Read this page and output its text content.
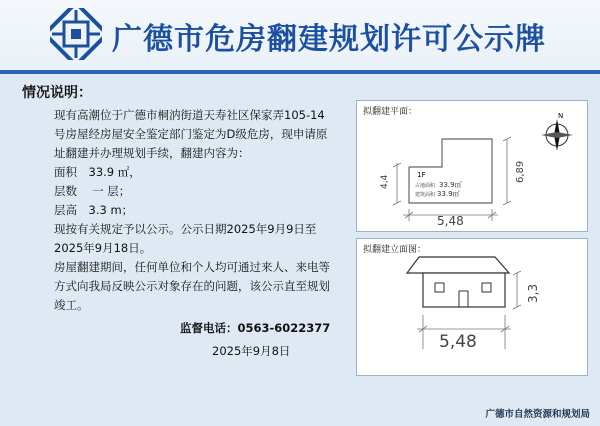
广德市危房翻建规划许可公示牌
情况说明：

现有高潮位于广德市桐汭街道天寿社区保家弄105-14号房屋经房屋安全鉴定部门鉴定为D级危房，现申请原址翻建并办理规划手续，翻建内容为：

面积　33.9 ㎡，

层数　 一 层；

层高　3.3 m；

现按有关规定予以公示。公示日期2025年9月9日至2025年9月18日。

房屋翻建期间，任何单位和个人均可通过来人、来电等方式向我局反映公示对象存在的问题，该公示直至规划竣工。

监督电话：0563-6022377

2025年9月8日

拟翻建平面：	N
1F
占地面积 33.9㎡
建筑面积 33.9㎡
4,4	6,89
5,48
拟翻建立面图：
3,3
5,48
广德市自然资源和规划局
